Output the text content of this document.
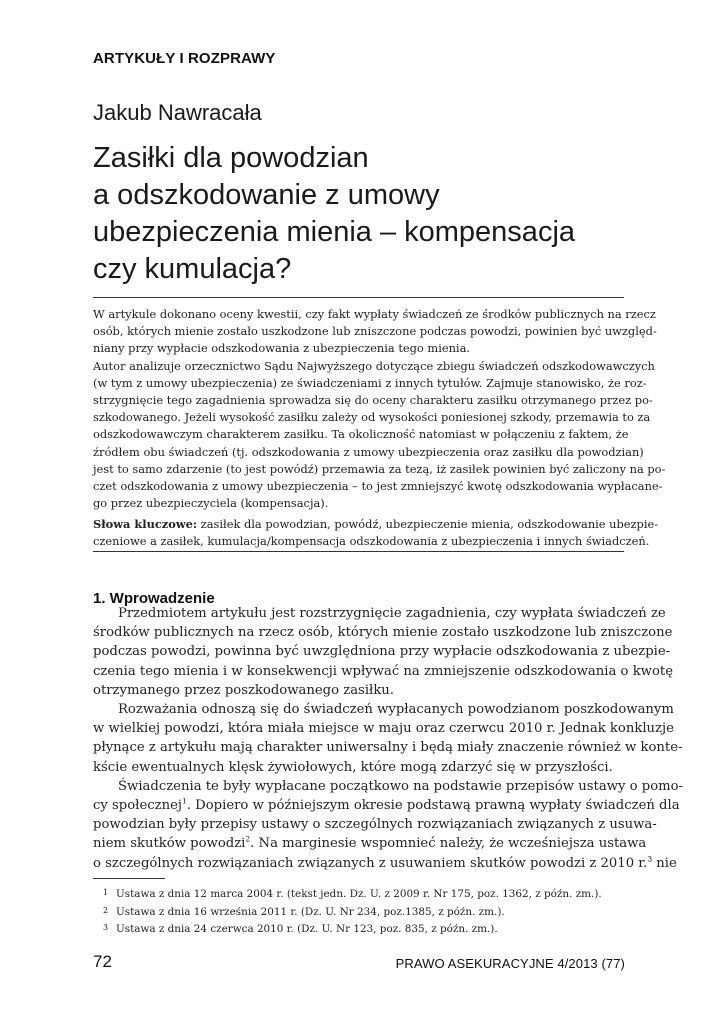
ARTYKUŁY I ROZPRAWY
Jakub Nawracała
Zasiłki dla powodzian
a odszkodowanie z umowy
ubezpieczenia mienia – kompensacja
czy kumulacja?
W artykule dokonano oceny kwestii, czy fakt wypłaty świadczeń ze środków publicznych na rzecz
osób, których mienie zostało uszkodzone lub zniszczone podczas powodzi, powinien być uwzględ-
niany przy wypłacie odszkodowania z ubezpieczenia tego mienia.
Autor analizuje orzecznictwo Sądu Najwyższego dotyczące zbiegu świadczeń odszkodowawczych
(w tym z umowy ubezpieczenia) ze świadczeniami z innych tytułów. Zajmuje stanowisko, że roz-
strzygnięcie tego zagadnienia sprowadza się do oceny charakteru zasiłku otrzymanego przez po-
szkodowanego. Jeżeli wysokość zasiłku zależy od wysokości poniesionej szkody, przemawia to za
odszkodowawczym charakterem zasiłku. Ta okoliczność natomiast w połączeniu z faktem, że
źródłem obu świadczeń (tj. odszkodowania z umowy ubezpieczenia oraz zasiłku dla powodzian)
jest to samo zdarzenie (to jest powódź) przemawia za tezą, iż zasiłek powinien być zaliczony na po-
czet odszkodowania z umowy ubezpieczenia – to jest zmniejszyć kwotę odszkodowania wypłacane-
go przez ubezpieczyciela (kompensacja).
Słowa kluczowe: zasiłek dla powodzian, powódź, ubezpieczenie mienia, odszkodowanie ubezpie-
czeniowe a zasiłek, kumulacja/kompensacja odszkodowania z ubezpieczenia i innych świadczeń.
1. Wprowadzenie
Przedmiotem artykułu jest rozstrzygnięcie zagadnienia, czy wypłata świadczeń ze
środków publicznych na rzecz osób, których mienie zostało uszkodzone lub zniszczone
podczas powodzi, powinna być uwzględniona przy wypłacie odszkodowania z ubezpie-
czenia tego mienia i w konsekwencji wpływać na zmniejszenie odszkodowania o kwotę
otrzymanego przez poszkodowanego zasiłku.
Rozważania odnoszą się do świadczeń wypłacanych powodzianom poszkodowanym
w wielkiej powodzi, która miała miejsce w maju oraz czerwcu 2010 r. Jednak konkluzje
płynące z artykułu mają charakter uniwersalny i będą miały znaczenie również w konte-
kście ewentualnych klęsk żywiołowych, które mogą zdarzyć się w przyszłości.
Świadczenia te były wypłacane początkowo na podstawie przepisów ustawy o pomo-
cy społecznej$^1$. Dopiero w późniejszym okresie podstawą prawną wypłaty świadczeń dla
powodzian były przepisy ustawy o szczególnych rozwiązaniach związanych z usuwa-
niem skutków powodzi$^2$. Na marginesie wspomnieć należy, że wcześniejsza ustawa
o szczególnych rozwiązaniach związanych z usuwaniem skutków powodzi z 2010 r.$^3$ nie
1 Ustawa z dnia 12 marca 2004 r. (tekst jedn. Dz. U. z 2009 r. Nr 175, poz. 1362, z późn. zm.).
2 Ustawa z dnia 16 września 2011 r. (Dz. U. Nr 234, poz.1385, z późn. zm.).
3 Ustawa z dnia 24 czerwca 2010 r. (Dz. U. Nr 123, poz. 835, z późn. zm.).
72	PRAWO ASEKURACYJNE 4/2013 (77)
